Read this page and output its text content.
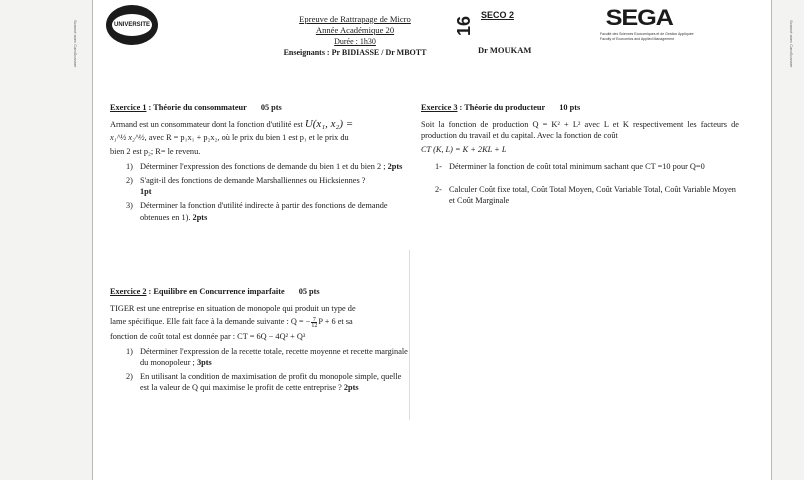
Scanné avec CamScanner	Scanné avec CamScanner
UNIVERSITE
Epreuve de Rattrapage de Micro
Année Académique 20
Durée : 1h30
Enseignants : Pr BIDIASSE / Dr MBOTT
16
SECO 2
Dr MOUKAM
SEGA
Faculté des Sciences Economiques et de Gestion Appliquée
Faculty of Economics and Applied Management
Exercice 1 : Théorie du consommateur 05 pts

Armand est un consommateur dont la fonction d'utilité est U(x₁, x₂) =

x₁^½ x₂^½, avec R = p₁x₁ + p₂x₂, où le prix du bien 1 est p₁ et le prix du

bien 2 est p₂; R= le revenu.

1) Déterminer l'expression des fonctions de demande du bien 1 et du bien 2 ; 2pts
2) S'agit-il des fonctions de demande Marshalliennes ou Hicksiennes ?
1pt
3) Déterminer la fonction d'utilité indirecte à partir des fonctions de demande obtenues en 1). 2pts
Exercice 2 : Equilibre en Concurrence imparfaite 05 pts

TIGER est une entreprise en situation de monopole qui produit un type de

lame spécifique. Elle fait face à la demande suivante : $Q = -\frac{7}{12}P + 6$ et sa

fonction de coût total est donnée par : CT = 6Q − 4Q² + Q³

1) Déterminer l'expression de la recette totale, recette moyenne et recette marginale du monopoleur ; 3pts
2) En utilisant la condition de maximisation de profit du monopole simple, quelle est la valeur de Q qui maximise le profit de cette entreprise ? 2pts
Exercice 3 : Théorie du producteur 10 pts

Soit la fonction de production Q = K² + L² avec L et K respectivement les facteurs de production du travail et du capital. Avec la fonction de coût

CT (K, L) = K + 2KL + L

1- Déterminer la fonction de coût total minimum sachant que CT =10 pour Q=0
2- Calculer Coût fixe total, Coût Total Moyen, Coût Variable Total, Coût Variable Moyen et Coût Marginale
